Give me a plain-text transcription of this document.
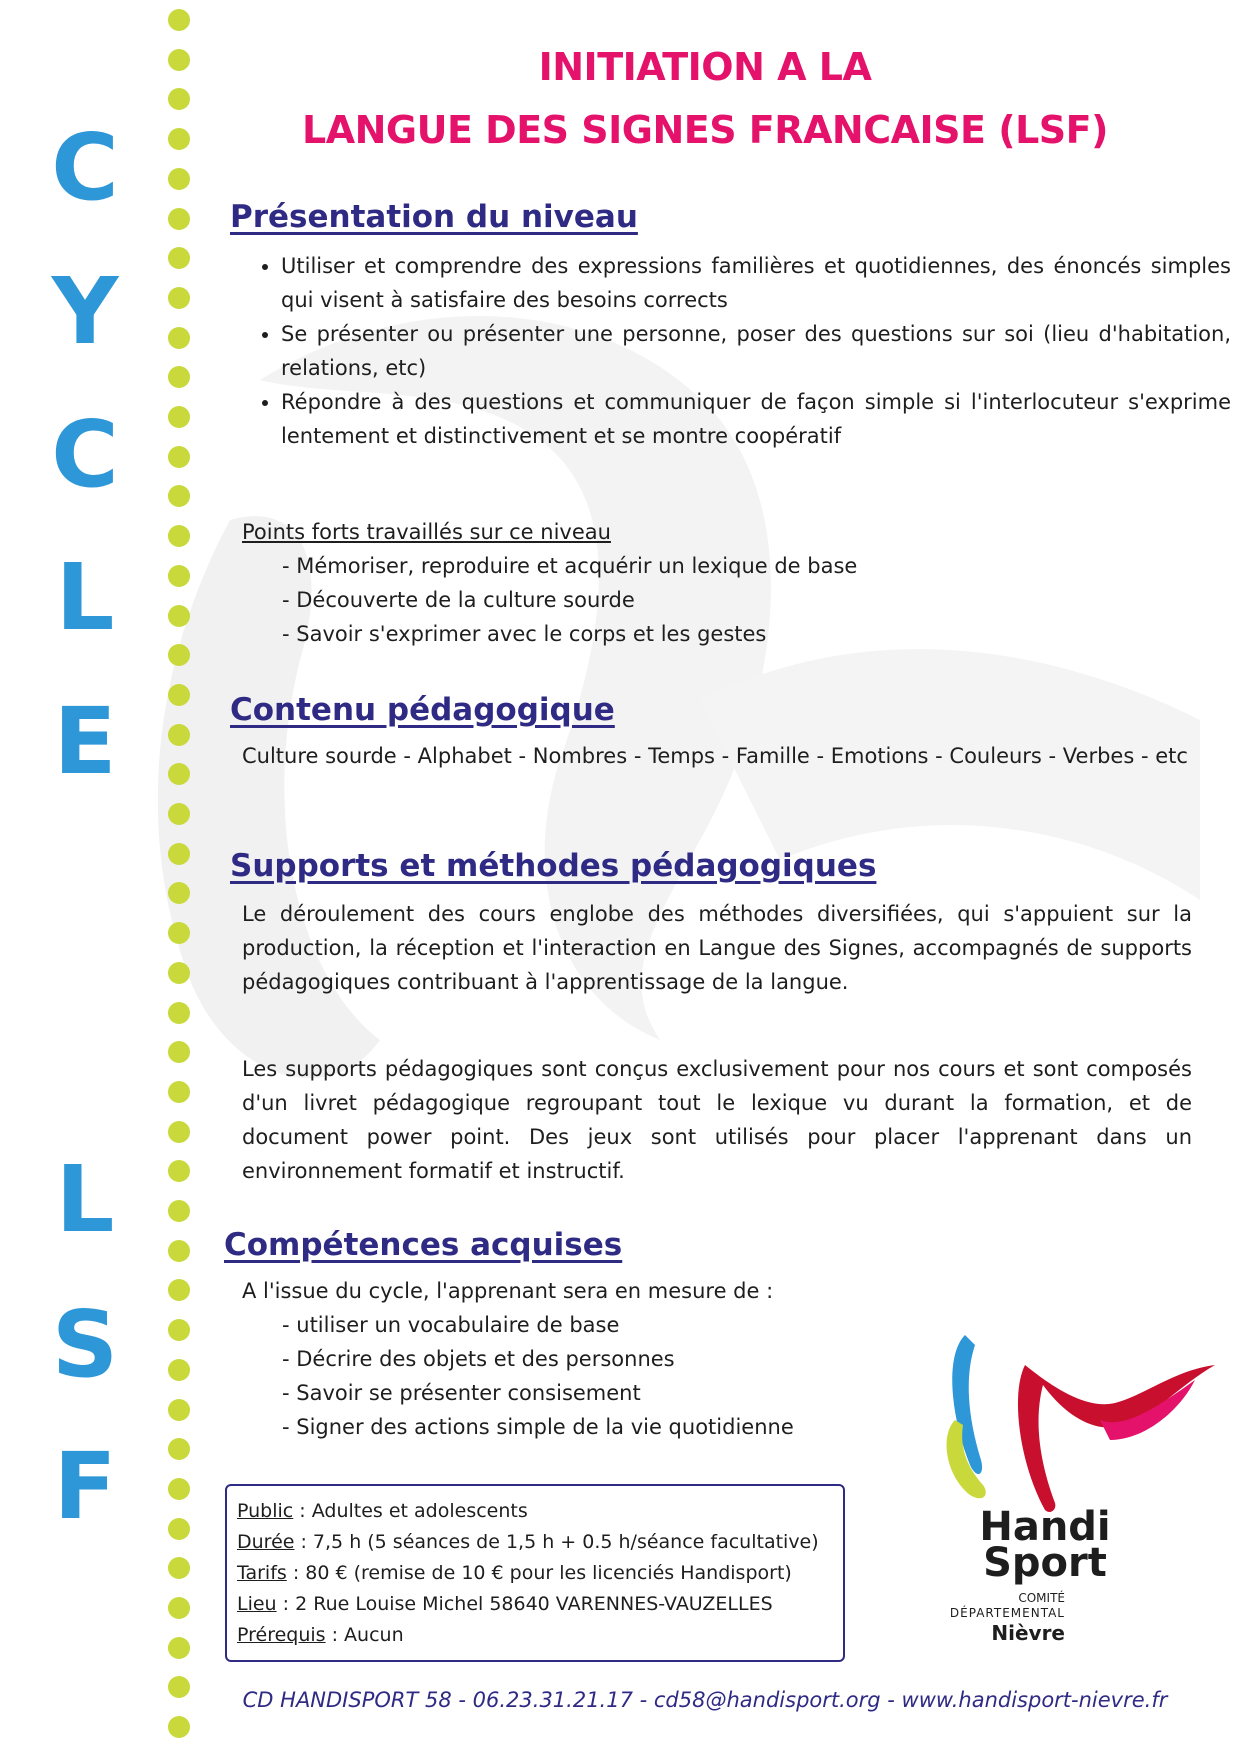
C
Y
C
L
E
L
S
F
INITIATION A LA
LANGUE DES SIGNES FRANCAISE (LSF)
Présentation du niveau
• Utiliser et comprendre des expressions familières et quotidiennes, des énoncés simples qui visent à satisfaire des besoins corrects
• Se présenter ou présenter une personne, poser des questions sur soi (lieu d'habitation, relations, etc)
• Répondre à des questions et communiquer de façon simple si l'interlocuteur s'exprime lentement et distinctivement et se montre coopératif
Points forts travaillés sur ce niveau
- Mémoriser, reproduire et acquérir un lexique de base
- Découverte de la culture sourde
- Savoir s'exprimer avec le corps et les gestes
Contenu pédagogique
Culture sourde - Alphabet - Nombres - Temps - Famille - Emotions - Couleurs - Verbes - etc
Supports et méthodes pédagogiques
Le déroulement des cours englobe des méthodes diversifiées, qui s'appuient sur la production, la réception et l'interaction en Langue des Signes, accompagnés de supports pédagogiques contribuant à l'apprentissage de la langue.
Les supports pédagogiques sont conçus exclusivement pour nos cours et sont composés d'un livret pédagogique regroupant tout le lexique vu durant la formation, et de document power point. Des jeux sont utilisés pour placer l'apprenant dans un environnement formatif et instructif.
Compétences acquises
A l'issue du cycle, l'apprenant sera en mesure de :
- utiliser un vocabulaire de base
- Décrire des objets et des personnes
- Savoir se présenter consisement
- Signer des actions simple de la vie quotidienne
Public : Adultes et adolescents
Durée : 7,5 h (5 séances de 1,5 h + 0.5 h/séance facultative)
Tarifs : 80 € (remise de 10 € pour les licenciés Handisport)
Lieu : 2 Rue Louise Michel 58640 VARENNES-VAUZELLES
Prérequis : Aucun
Handi
Sport
COMITÉ
DÉPARTEMENTAL
Nièvre
CD HANDISPORT 58 - 06.23.31.21.17 - cd58@handisport.org - www.handisport-nievre.fr
